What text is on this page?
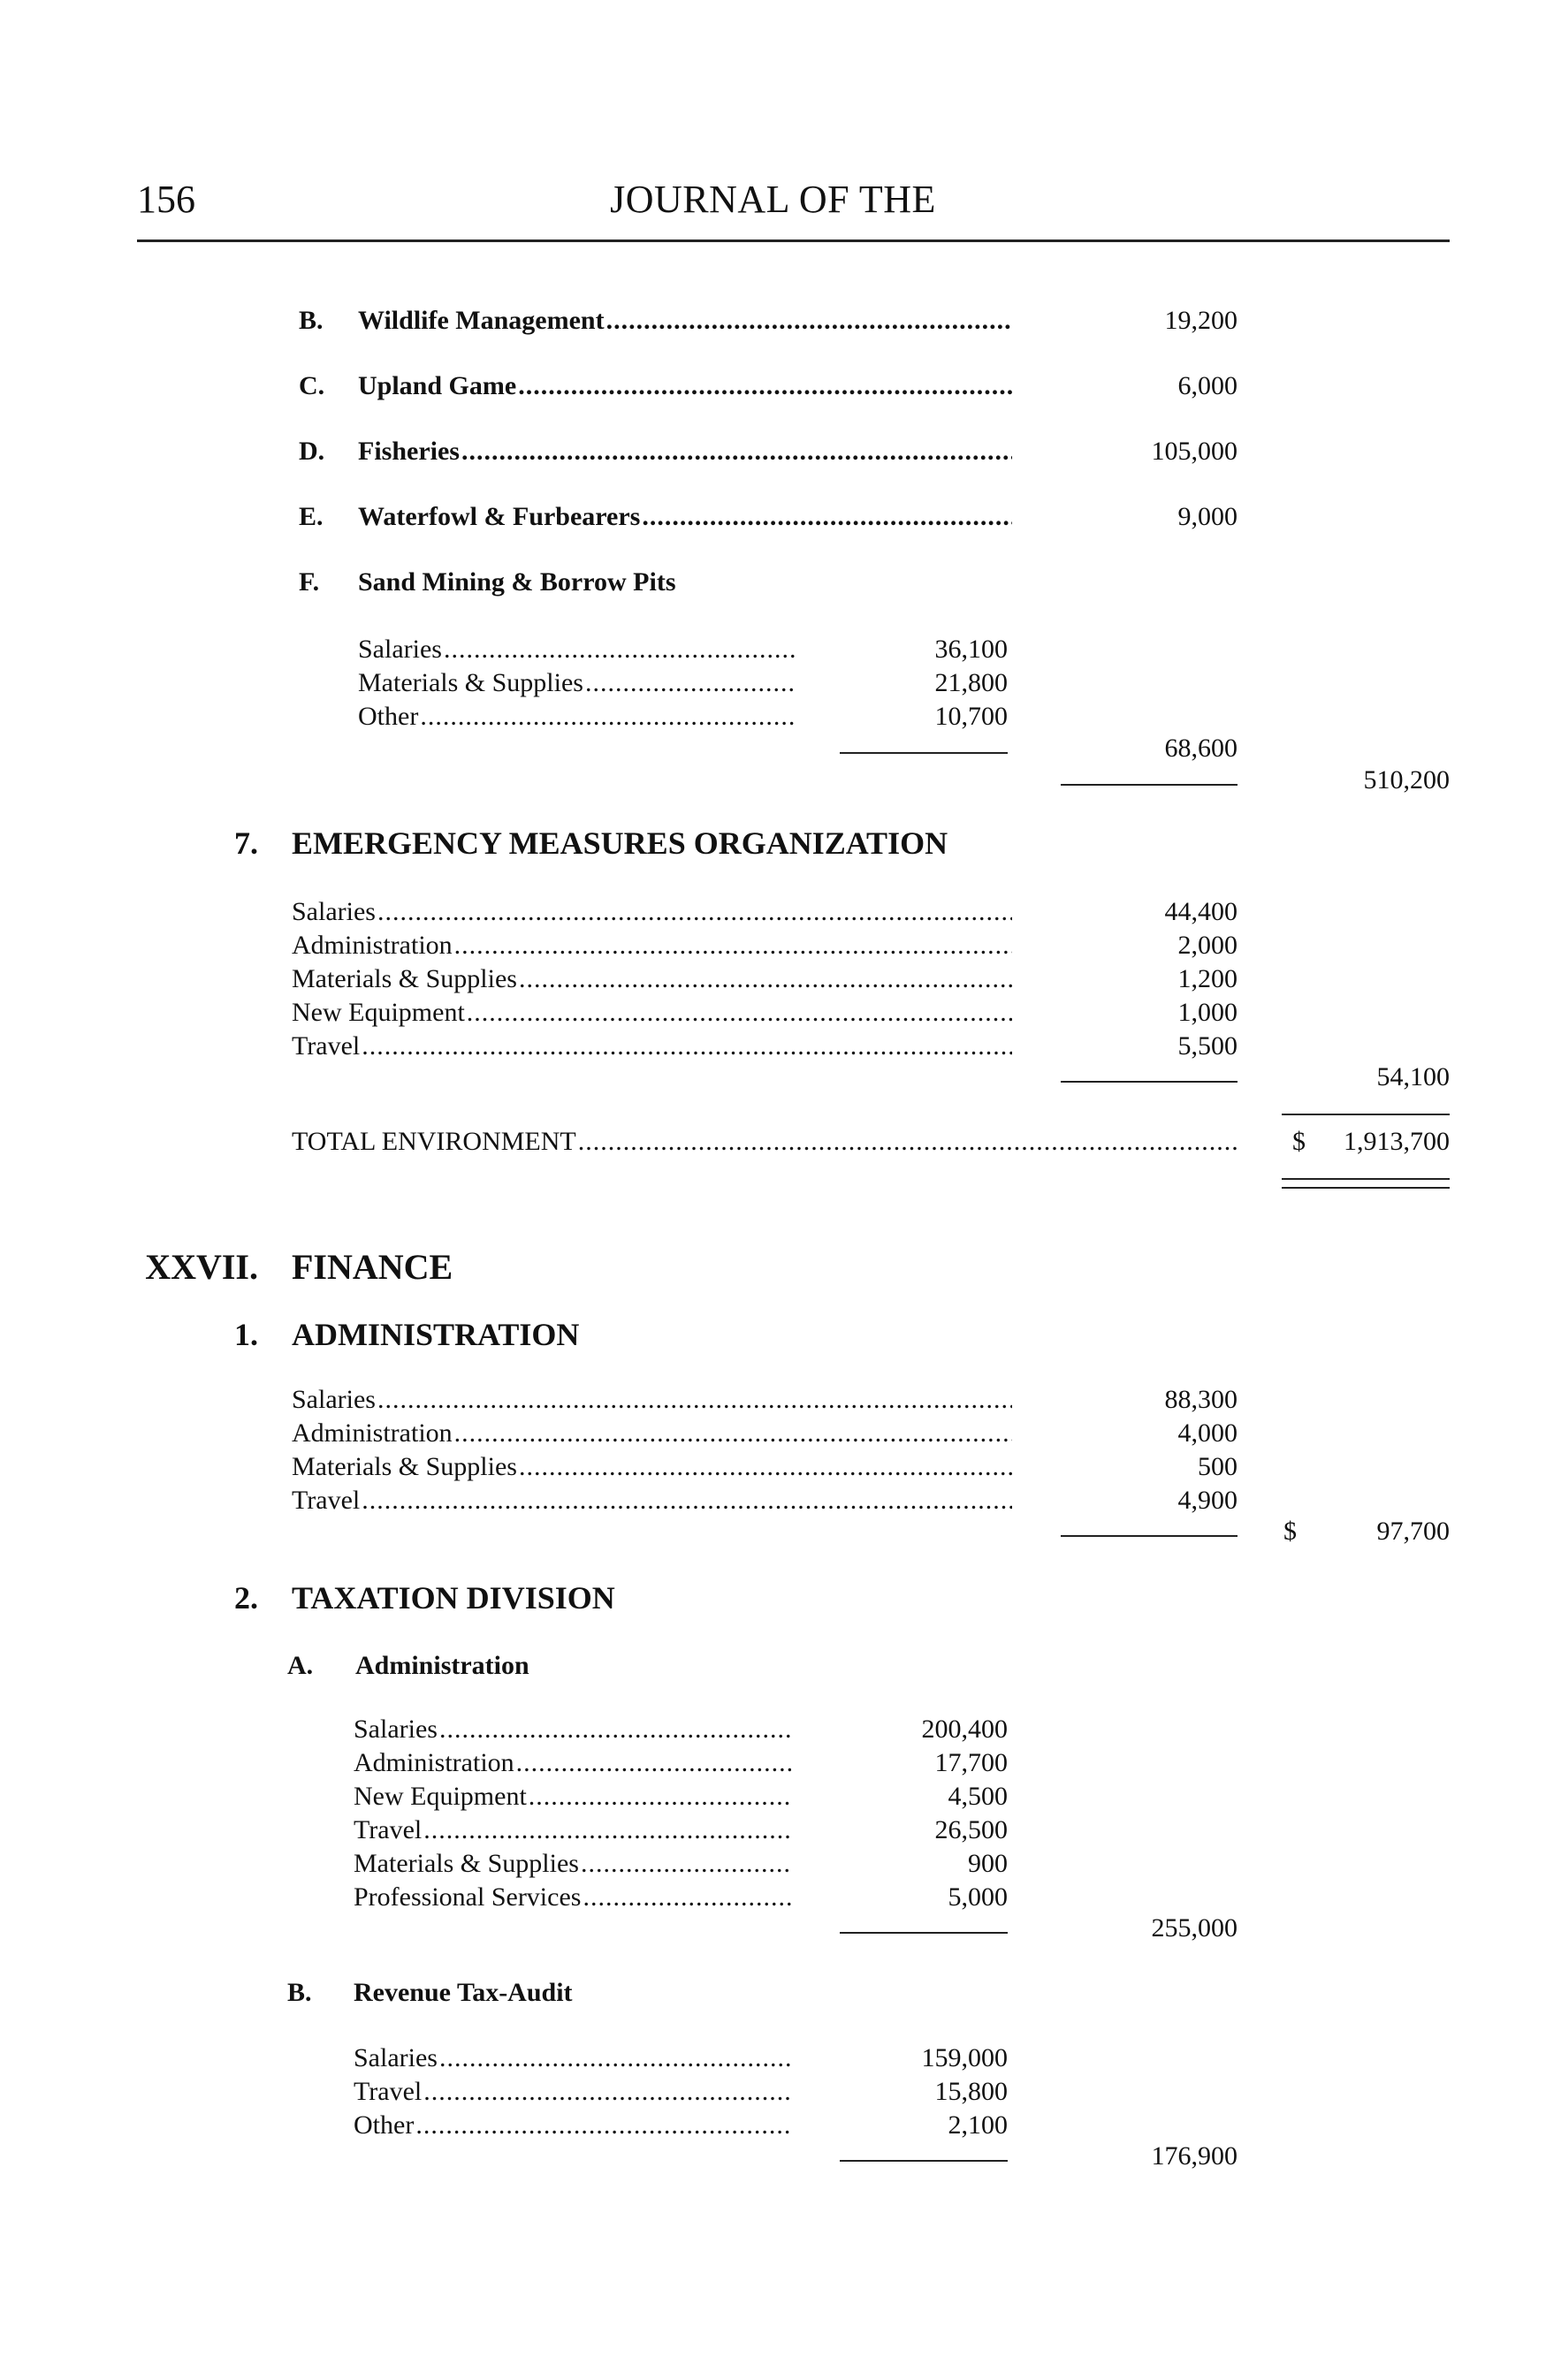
156	JOURNAL OF THE
B. Wildlife Management .....	19,200
C. Upland Game .....	6,000
D. Fisheries .....	105,000
E. Waterfowl & Furbearers .....	9,000
F. Sand Mining & Borrow Pits
Salaries .....	36,100
Materials & Supplies .....	21,800
Other .....	10,700
68,600
510,200
7. EMERGENCY MEASURES ORGANIZATION
Salaries .....	44,400
Administration .....	2,000
Materials & Supplies .....	1,200
New Equipment .....	1,000
Travel .....	5,500
54,100
TOTAL ENVIRONMENT .....	$	1,913,700
XXVII. FINANCE
1. ADMINISTRATION
Salaries .....	88,300
Administration .....	4,000
Materials & Supplies .....	500
Travel .....	4,900
$	97,700
2. TAXATION DIVISION
A. Administration
Salaries .....	200,400
Administration .....	17,700
New Equipment .....	4,500
Travel .....	26,500
Materials & Supplies .....	900
Professional Services .....	5,000
255,000
B. Revenue Tax-Audit
Salaries .....	159,000
Travel .....	15,800
Other .....	2,100
176,900
